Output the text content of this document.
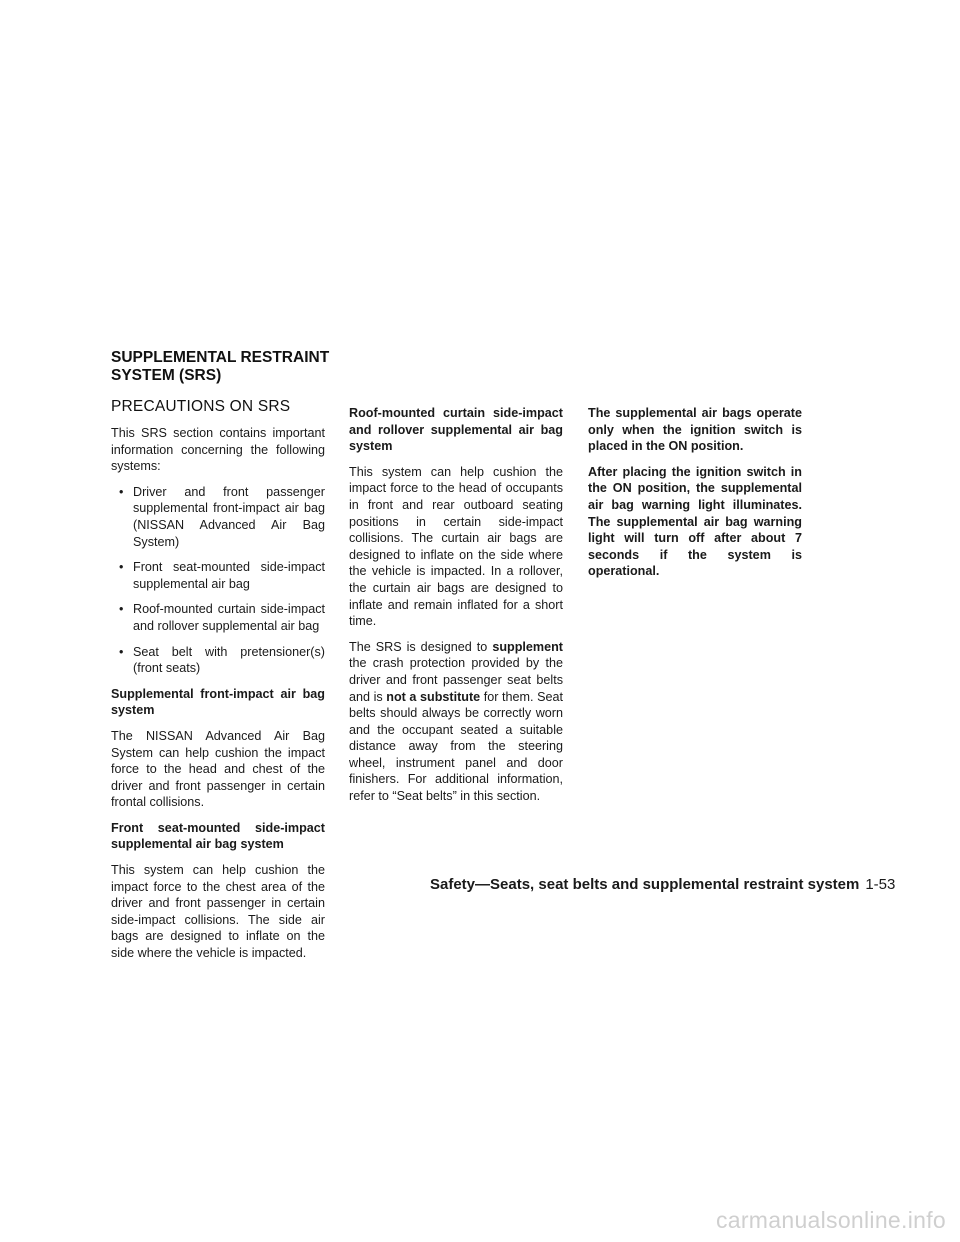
SUPPLEMENTAL RESTRAINT SYSTEM (SRS)
PRECAUTIONS ON SRS

This SRS section contains important information concerning the following systems:

• Driver and front passenger supplemental front-impact air bag (NISSAN Advanced Air Bag System)
• Front seat-mounted side-impact supplemental air bag
• Roof-mounted curtain side-impact and rollover supplemental air bag
• Seat belt with pretensioner(s) (front seats)

Supplemental front-impact air bag system

The NISSAN Advanced Air Bag System can help cushion the impact force to the head and chest of the driver and front passenger in certain frontal collisions.

Front seat-mounted side-impact supplemental air bag system

This system can help cushion the impact force to the chest area of the driver and front passenger in certain side-impact collisions. The side air bags are designed to inflate on the side where the vehicle is impacted.

Roof-mounted curtain side-impact and rollover supplemental air bag system

This system can help cushion the impact force to the head of occupants in front and rear outboard seating positions in certain side-impact collisions. The curtain air bags are designed to inflate on the side where the vehicle is impacted. In a rollover, the curtain air bags are designed to inflate and remain inflated for a short time.

The SRS is designed to supplement the crash protection provided by the driver and front passenger seat belts and is not a substitute for them. Seat belts should always be correctly worn and the occupant seated a suitable distance away from the steering wheel, instrument panel and door finishers. For additional information, refer to “Seat belts” in this section.

The supplemental air bags operate only when the ignition switch is placed in the ON position.

After placing the ignition switch in the ON position, the supplemental air bag warning light illuminates. The supplemental air bag warning light will turn off after about 7 seconds if the system is operational.

Safety—Seats, seat belts and supplemental restraint system 1-53
carmanualsonline.info
